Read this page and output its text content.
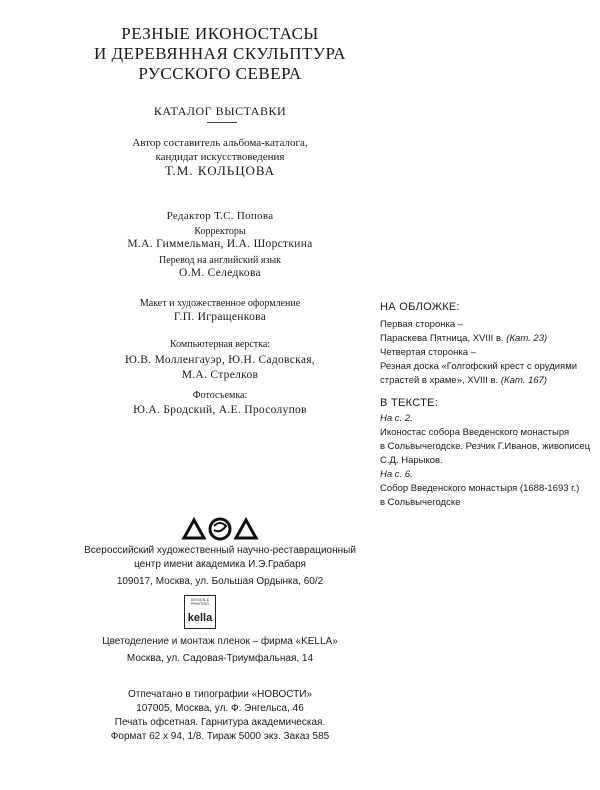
РЕЗНЫЕ ИКОНОСТАСЫ
И ДЕРЕВЯННАЯ СКУЛЬПТУРА
РУССКОГО СЕВЕРА
КАТАЛОГ ВЫСТАВКИ
Автор составитель альбома-каталога,
кандидат искусствоведения
Т.М. КОЛЬЦОВА
Редактор Т.С. Попова
Корректоры
М.А. Гиммельман, И.А. Шорсткина
Перевод на английский язык
О.М. Селедкова
Макет и художественное оформление
Г.П. Игращенкова
Компьютерная верстка:
Ю.В. Молленгауэр, Ю.Н. Садовская,
М.А. Стрелков
Фотосъемка:
Ю.А. Бродский, А.Е. Просолупов
НА ОБЛОЖКЕ:
Первая сторонка –
Параскева Пятница, XVIII в. (Кат. 23)
Четвертая сторонка –
Резная доска «Голгофский крест с орудиями
страстей в храме», XVIII в. (Кат. 167)
В ТЕКСТЕ:
На с. 2.
Иконостас собора Введенского монастыря
в Сольвычегодске. Резчик Г.Иванов, живописец
С.Д. Нарыков.
На с. 6.
Собор Введенского монастыря (1688-1693 г.)
в Сольвычегодске
Всероссийский художественный научно-реставрационный
центр имени академика И.Э.Грабаря
109017, Москва, ул. Большая Ордынка, 60/2
DESIGN & PRINTING
kella
Цветоделение и монтаж пленок – фирма «KELLA»
Москва, ул. Садовая-Триумфальная, 14
Отпечатано в типографии «НОВОСТИ»
107005, Москва, ул. Ф. Энгельса, 46
Печать офсетная. Гарнитура академическая.
Формат 62 х 94, 1/8. Тираж 5000 экз. Заказ 585
